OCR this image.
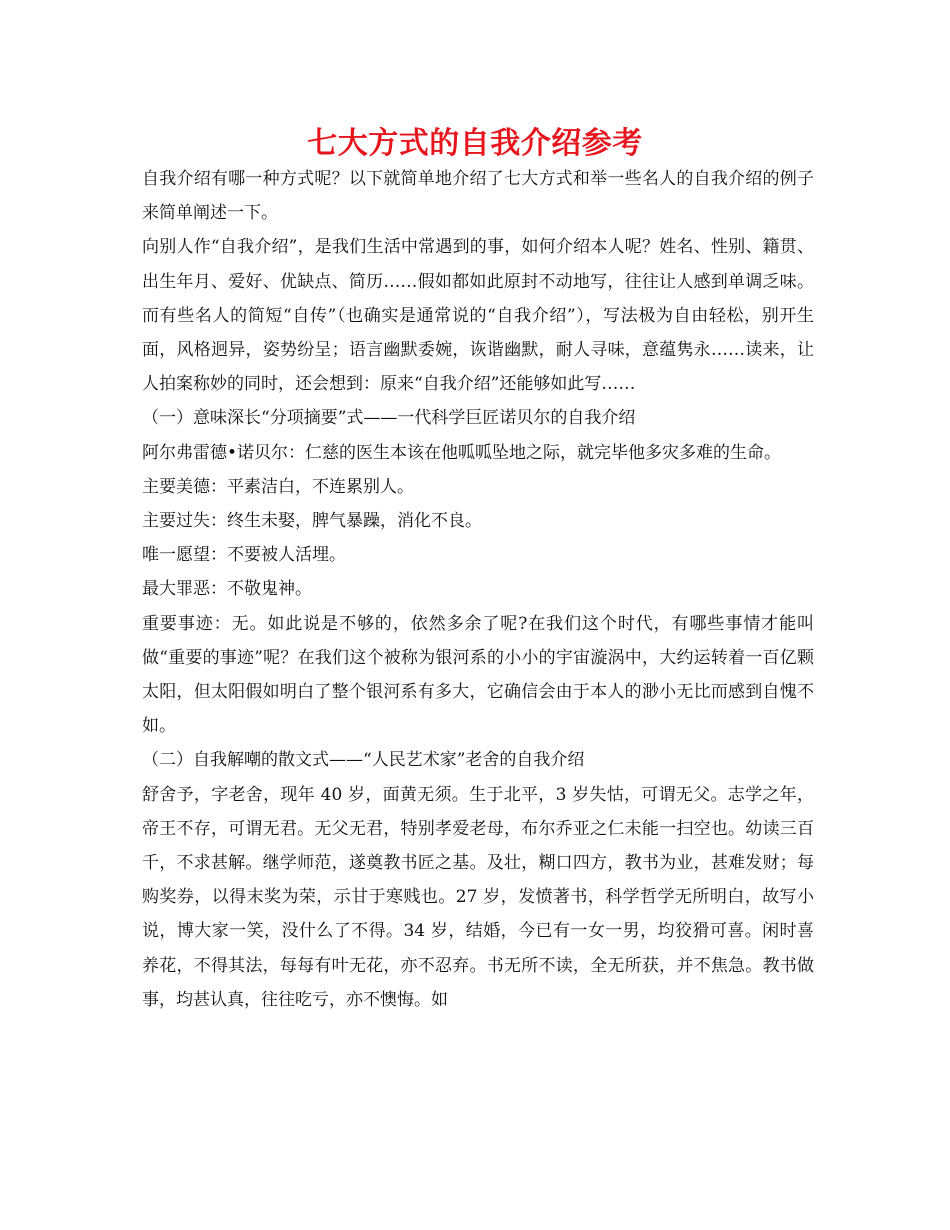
七大方式的自我介绍参考

自我介绍有哪一种方式呢？以下就简单地介绍了七大方式和举一些名人的自我介绍的例子来简单阐述一下。

向别人作“自我介绍”，是我们生活中常遇到的事，如何介绍本人呢？姓名、性别、籍贯、出生年月、爱好、优缺点、简历……假如都如此原封不动地写，往往让人感到单调乏味。而有些名人的简短“自传”（也确实是通常说的“自我介绍”），写法极为自由轻松，别开生面，风格迥异，姿势纷呈；语言幽默委婉，诙谐幽默，耐人寻味，意蕴隽永……读来，让人拍案称妙的同时，还会想到：原来“自我介绍”还能够如此写……

（一）意味深长“分项摘要”式——一代科学巨匠诺贝尔的自我介绍

阿尔弗雷德•诺贝尔：仁慈的医生本该在他呱呱坠地之际，就完毕他多灾多难的生命。

主要美德：平素洁白，不连累别人。

主要过失：终生未娶，脾气暴躁，消化不良。

唯一愿望：不要被人活埋。

最大罪恶：不敬鬼神。

重要事迹：无。如此说是不够的，依然多余了呢?在我们这个时代，有哪些事情才能叫做“重要的事迹”呢？在我们这个被称为银河系的小小的宇宙漩涡中，大约运转着一百亿颗太阳，但太阳假如明白了整个银河系有多大，它确信会由于本人的渺小无比而感到自愧不如。

（二）自我解嘲的散文式——“人民艺术家”老舍的自我介绍

舒舍予，字老舍，现年 40 岁，面黄无须。生于北平，3 岁失怙，可谓无父。志学之年，帝王不存，可谓无君。无父无君，特别孝爱老母，布尔乔亚之仁未能一扫空也。幼读三百千，不求甚解。继学师范，遂奠教书匠之基。及壮，糊口四方，教书为业，甚难发财；每购奖券，以得末奖为荣，示甘于寒贱也。27 岁，发愤著书，科学哲学无所明白，故写小说，博大家一笑，没什么了不得。34 岁，结婚，今已有一女一男，均狡猾可喜。闲时喜养花，不得其法，每每有叶无花，亦不忍弃。书无所不读，全无所获，并不焦急。教书做事，均甚认真，往往吃亏，亦不懊悔。如
